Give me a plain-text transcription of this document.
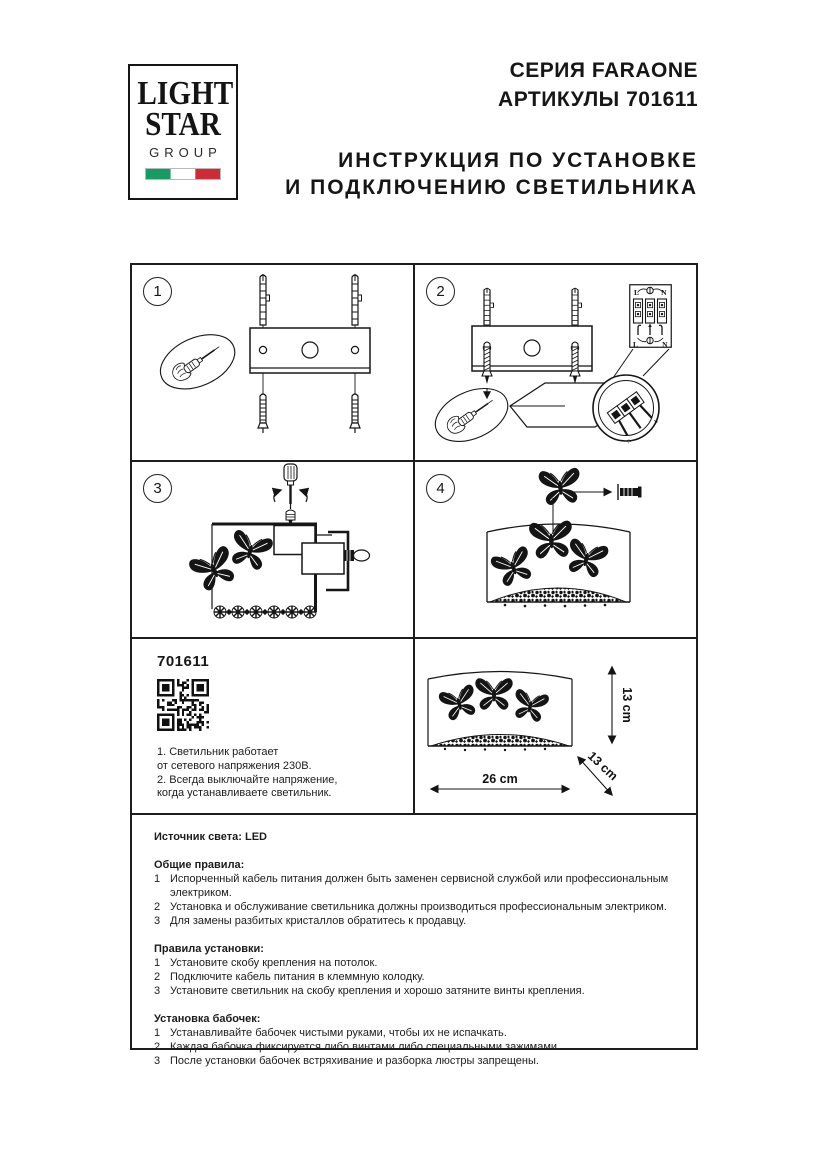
LIGHT
STAR
GROUP
СЕРИЯ FARAONE
АРТИКУЛЫ 701611
ИНСТРУКЦИЯ ПО УСТАНОВКЕ
И ПОДКЛЮЧЕНИЮ СВЕТИЛЬНИКА
1	2
N
L
L	N
L	N
3	4
701611
1. Светильник работает
от сетевого напряжения 230В.
2. Всегда выключайте напряжение,
когда устанавливаете светильник.
13 cm
13 cm
26 cm
Источник света: LED
Общие правила:
1 Испорченный кабель питания должен быть заменен сервисной службой или профессиональным электриком.
2 Установка и обслуживание светильника должны производиться профессиональным электриком.
3 Для замены разбитых кристаллов обратитесь к продавцу.
Правила установки:
1 Установите скобу крепления на потолок.
2 Подключите кабель питания в клеммную колодку.
3 Установите светильник на скобу крепления и хорошо затяните винты крепления.
Установка бабочек:
1 Устанавливайте бабочек чистыми руками, чтобы их не испачкать.
2 Каждая бабочка фиксируется либо винтами либо специальными зажимами.
3 После установки бабочек встряхивание и разборка люстры запрещены.
